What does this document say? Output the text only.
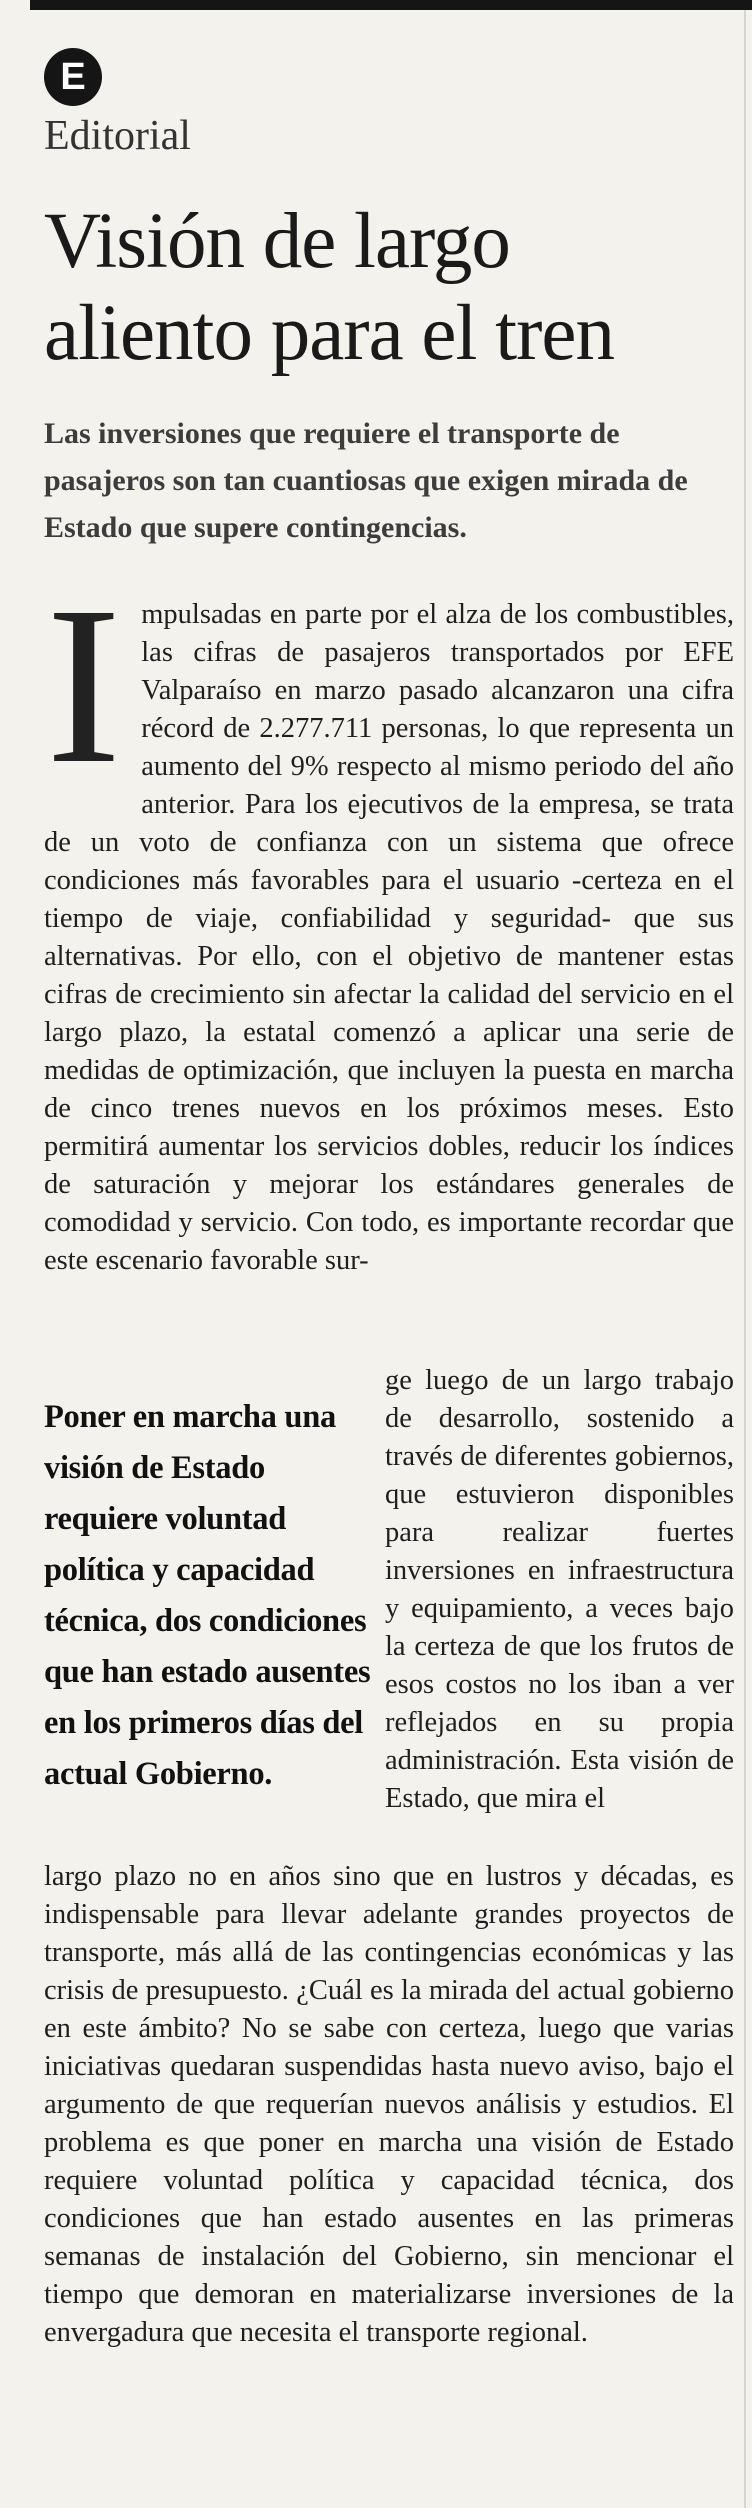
E
Editorial
Visión de largo aliento para el tren

Las inversiones que requiere el transporte de pasajeros son tan cuantiosas que exigen mirada de Estado que supere contingencias.

I mpulsadas en parte por el alza de los combustibles, las cifras de pasajeros transportados por EFE Valparaíso en marzo pasado alcanzaron una cifra récord de 2.277.711 personas, lo que representa un aumento del 9% respecto al mismo periodo del año anterior. Para los ejecutivos de la empresa, se trata de un voto de confianza con un sistema que ofrece condiciones más favorables para el usuario -certeza en el tiempo de viaje, confiabilidad y seguridad- que sus alternativas. Por ello, con el objetivo de mantener estas cifras de crecimiento sin afectar la calidad del servicio en el largo plazo, la estatal comenzó a aplicar una serie de medidas de optimización, que incluyen la puesta en marcha de cinco trenes nuevos en los próximos meses. Esto permitirá aumentar los servicios dobles, reducir los índices de saturación y mejorar los estándares generales de comodidad y servicio. Con todo, es importante recordar que este escenario favorable sur-

Poner en marcha una visión de Estado requiere voluntad política y capacidad técnica, dos condiciones que han estado ausentes en los primeros días del actual Gobierno.

ge luego de un largo trabajo de desarrollo, sostenido a través de diferentes gobiernos, que estuvieron disponibles para realizar fuertes inversiones en infraestructura y equipamiento, a veces bajo la certeza de que los frutos de esos costos no los iban a ver reflejados en su propia administración. Esta visión de Estado, que mira el

largo plazo no en años sino que en lustros y décadas, es indispensable para llevar adelante grandes proyectos de transporte, más allá de las contingencias económicas y las crisis de presupuesto. ¿Cuál es la mirada del actual gobierno en este ámbito? No se sabe con certeza, luego que varias iniciativas quedaran suspendidas hasta nuevo aviso, bajo el argumento de que requerían nuevos análisis y estudios. El problema es que poner en marcha una visión de Estado requiere voluntad política y capacidad técnica, dos condiciones que han estado ausentes en las primeras semanas de instalación del Gobierno, sin mencionar el tiempo que demoran en materializarse inversiones de la envergadura que necesita el transporte regional.
